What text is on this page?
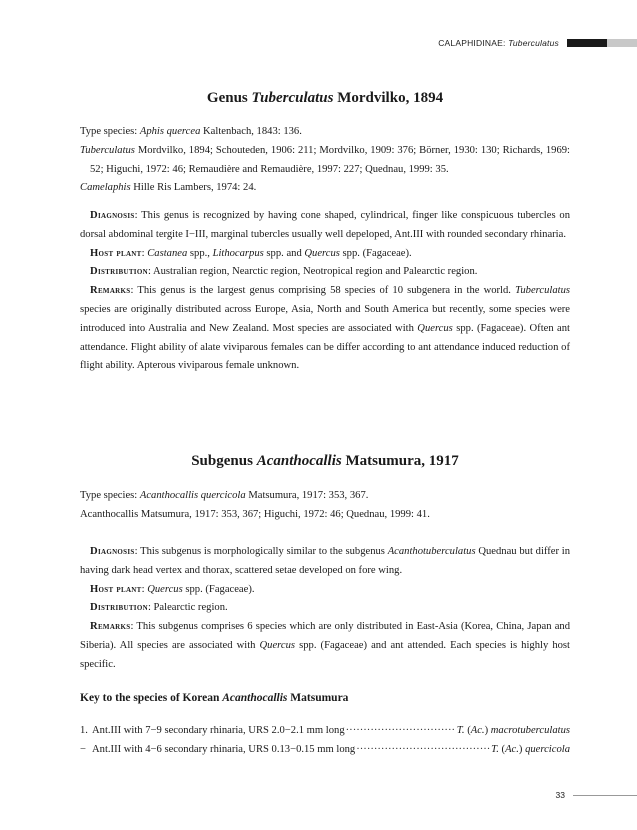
CALAPHIDINAE: Tuberculatus
Genus Tuberculatus Mordvilko, 1894

Type species: Aphis quercea Kaltenbach, 1843: 136.

Tuberculatus Mordvilko, 1894; Schouteden, 1906: 211; Mordvilko, 1909: 376; Börner, 1930: 130; Richards, 1969: 52; Higuchi, 1972: 46; Remaudière and Remaudière, 1997: 227; Quednau, 1999: 35.

Camelaphis Hille Ris Lambers, 1974: 24.

Diagnosis: This genus is recognized by having cone shaped, cylindrical, finger like conspicuous tubercles on dorsal abdominal tergite I−III, marginal tubercles usually well depeloped, Ant.III with rounded secondary rhinaria.

Host plant: Castanea spp., Lithocarpus spp. and Quercus spp. (Fagaceae).

Distribution: Australian region, Nearctic region, Neotropical region and Palearctic region.

Remarks: This genus is the largest genus comprising 58 species of 10 subgenera in the world. Tuberculatus species are originally distributed across Europe, Asia, North and South America but recently, some species were introduced into Australia and New Zealand. Most species are associated with Quercus spp. (Fagaceae). Often ant attendance. Flight ability of alate viviparous females can be differ according to ant attendance induced reduction of flight ability. Apterous viviparous female unknown.

Subgenus Acanthocallis Matsumura, 1917

Type species: Acanthocallis quercicola Matsumura, 1917: 353, 367.

Acanthocallis Matsumura, 1917: 353, 367; Higuchi, 1972: 46; Quednau, 1999: 41.

Diagnosis: This subgenus is morphologically similar to the subgenus Acanthotuberculatus Quednau but differ in having dark head vertex and thorax, scattered setae developed on fore wing.

Host plant: Quercus spp. (Fagaceae).

Distribution: Palearctic region.

Remarks: This subgenus comprises 6 species which are only distributed in East-Asia (Korea, China, Japan and Siberia). All species are associated with Quercus spp. (Fagaceae) and ant attended. Each species is highly host specific.

Key to the species of Korean Acanthocallis Matsumura
1. Ant.III with 7−9 secondary rhinaria, URS 2.0−2.1 mm long ·····	T. (Ac.) macrotuberculatus
− Ant.III with 4−6 secondary rhinaria, URS 0.13−0.15 mm long ·····	T. (Ac.) quercicola
33
